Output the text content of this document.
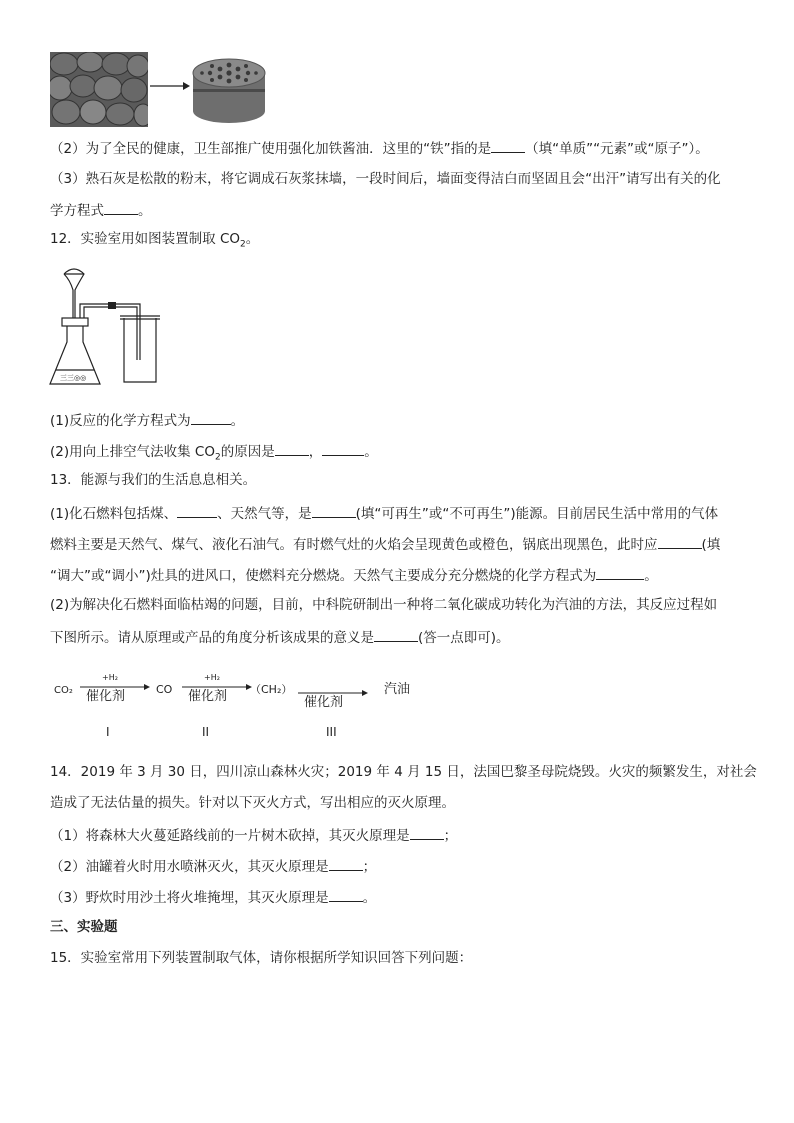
（2）为了全民的健康，卫生部推广使用强化加铁酱油．这里的“铁”指的是	（填“单质”“元素”或“原子”）。
（3）熟石灰是松散的粉末，将它调成石灰浆抹墙，一段时间后，墙面变得洁白而坚固且会“出汗”请写出有关的化
学方程式	。
12．实验室用如图装置制取 $CO_2$。
三三◎◎
(1)反应的化学方程式为	。
(2)用向上排空气法收集 $CO_2$的原因是	，	。
13．能源与我们的生活息息相关。
(1)化石燃料包括煤、	、天然气等，是	(填“可再生”或“不可再生”)能源。目前居民生活中常用的气体
燃料主要是天然气、煤气、液化石油气。有时燃气灶的火焰会呈现黄色或橙色，锅底出现黑色，此时应	(填
“调大”或“调小”)灶具的进风口，使燃料充分燃烧。天然气主要成分充分燃烧的化学方程式为	。
(2)为解决化石燃料面临枯竭的问题，目前，中科院研制出一种将二氧化碳成功转化为汽油的方法，其反应过程如
下图所示。请从原理或产品的角度分析该成果的意义是	(答一点即可)。
CO₂
+H₂
催化剂	CO
+H₂
催化剂 （CH₂）
催化剂
汽油
I	II	III
14．2019 年 3 月 30 日，四川凉山森林火灾；2019 年 4 月 15 日，法国巴黎圣母院烧毁。火灾的频繁发生，对社会
造成了无法估量的损失。针对以下灭火方式，写出相应的灭火原理。
（1）将森林大火蔓延路线前的一片树木砍掉，其灭火原理是	；
（2）油罐着火时用水喷淋灭火，其灭火原理是	；
（3）野炊时用沙土将火堆掩埋，其灭火原理是	。
三、实验题
15．实验室常用下列装置制取气体，请你根据所学知识回答下列问题：
